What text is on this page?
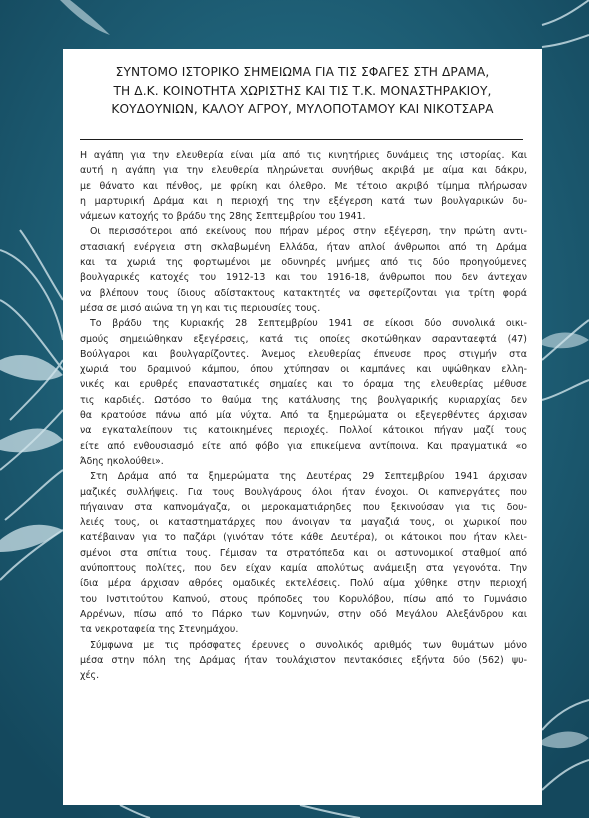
ΣΥΝΤΟΜΟ ΙΣΤΟΡΙΚΟ ΣΗΜΕΙΩΜΑ ΓΙΑ ΤΙΣ ΣΦΑΓΕΣ ΣΤΗ ΔΡΑΜΑ,
ΤΗ Δ.Κ. ΚΟΙΝΟΤΗΤΑ ΧΩΡΙΣΤΗΣ ΚΑΙ ΤΙΣ Τ.Κ. ΜΟΝΑΣΤΗΡΑΚΙΟΥ,
ΚΟΥΔΟΥΝΙΩΝ, ΚΑΛΟΥ ΑΓΡΟΥ, ΜΥΛΟΠΟΤΑΜΟΥ ΚΑΙ ΝΙΚΟΤΣΑΡΑ

Η αγάπη για την ελευθερία είναι μία από τις κινητήριες δυνάμεις της ιστορίας. Και
αυτή η αγάπη για την ελευθερία πληρώνεται συνήθως ακριβά με αίμα και δάκρυ,
με θάνατο και πένθος, με φρίκη και όλεθρο. Με τέτοιο ακριβό τίμημα πλήρωσαν
η μαρτυρική Δράμα και η περιοχή της την εξέγερση κατά των βουλγαρικών δυ-
νάμεων κατοχής το βράδυ της 28ης Σεπτεμβρίου του 1941.

Οι περισσότεροι από εκείνους που πήραν μέρος στην εξέγερση, την πρώτη αντι-
στασιακή ενέργεια στη σκλαβωμένη Ελλάδα, ήταν απλοί άνθρωποι από τη Δράμα
και τα χωριά της φορτωμένοι με οδυνηρές μνήμες από τις δύο προηγούμενες
βουλγαρικές κατοχές του 1912-13 και του 1916-18, άνθρωποι που δεν άντεχαν
να βλέπουν τους ίδιους αδίστακτους κατακτητές να σφετερίζονται για τρίτη φορά
μέσα σε μισό αιώνα τη γη και τις περιουσίες τους.

Το βράδυ της Κυριακής 28 Σεπτεμβρίου 1941 σε είκοσι δύο συνολικά οικι-
σμούς σημειώθηκαν εξεγέρσεις, κατά τις οποίες σκοτώθηκαν σαρανταεφτά (47)
Βούλγαροι και βουλγαρίζοντες. Άνεμος ελευθερίας έπνευσε προς στιγμήν στα
χωριά του δραμινού κάμπου, όπου χτύπησαν οι καμπάνες και υψώθηκαν ελλη-
νικές και ερυθρές επαναστατικές σημαίες και το όραμα της ελευθερίας μέθυσε
τις καρδιές. Ωστόσο το θαύμα της κατάλυσης της βουλγαρικής κυριαρχίας δεν
θα κρατούσε πάνω από μία νύχτα. Από τα ξημερώματα οι εξεγερθέντες άρχισαν
να εγκαταλείπουν τις κατοικημένες περιοχές. Πολλοί κάτοικοι πήγαν μαζί τους
είτε από ενθουσιασμό είτε από φόβο για επικείμενα αντίποινα. Και πραγματικά «ο
Άδης ηκολούθει».

Στη Δράμα από τα ξημερώματα της Δευτέρας 29 Σεπτεμβρίου 1941 άρχισαν
μαζικές συλλήψεις. Για τους Βουλγάρους όλοι ήταν ένοχοι. Οι καπνεργάτες που
πήγαιναν στα καπνομάγαζα, οι μεροκαματιάρηδες που ξεκινούσαν για τις δου-
λειές τους, οι καταστηματάρχες που άνοιγαν τα μαγαζιά τους, οι χωρικοί που
κατέβαιναν για το παζάρι (γινόταν τότε κάθε Δευτέρα), οι κάτοικοι που ήταν κλει-
σμένοι στα σπίτια τους. Γέμισαν τα στρατόπεδα και οι αστυνομικοί σταθμοί από
ανύποπτους πολίτες, που δεν είχαν καμία απολύτως ανάμειξη στα γεγονότα. Την
ίδια μέρα άρχισαν αθρόες ομαδικές εκτελέσεις. Πολύ αίμα χύθηκε στην περιοχή
του Ινστιτούτου Καπνού, στους πρόποδες του Κορυλόβου, πίσω από το Γυμνάσιο
Αρρένων, πίσω από το Πάρκο των Κομνηνών, στην οδό Μεγάλου Αλεξάνδρου και
τα νεκροταφεία της Στενημάχου.

Σύμφωνα με τις πρόσφατες έρευνες ο συνολικός αριθμός των θυμάτων μόνο
μέσα στην πόλη της Δράμας ήταν τουλάχιστον πεντακόσιες εξήντα δύο (562) ψυ-
χές.
